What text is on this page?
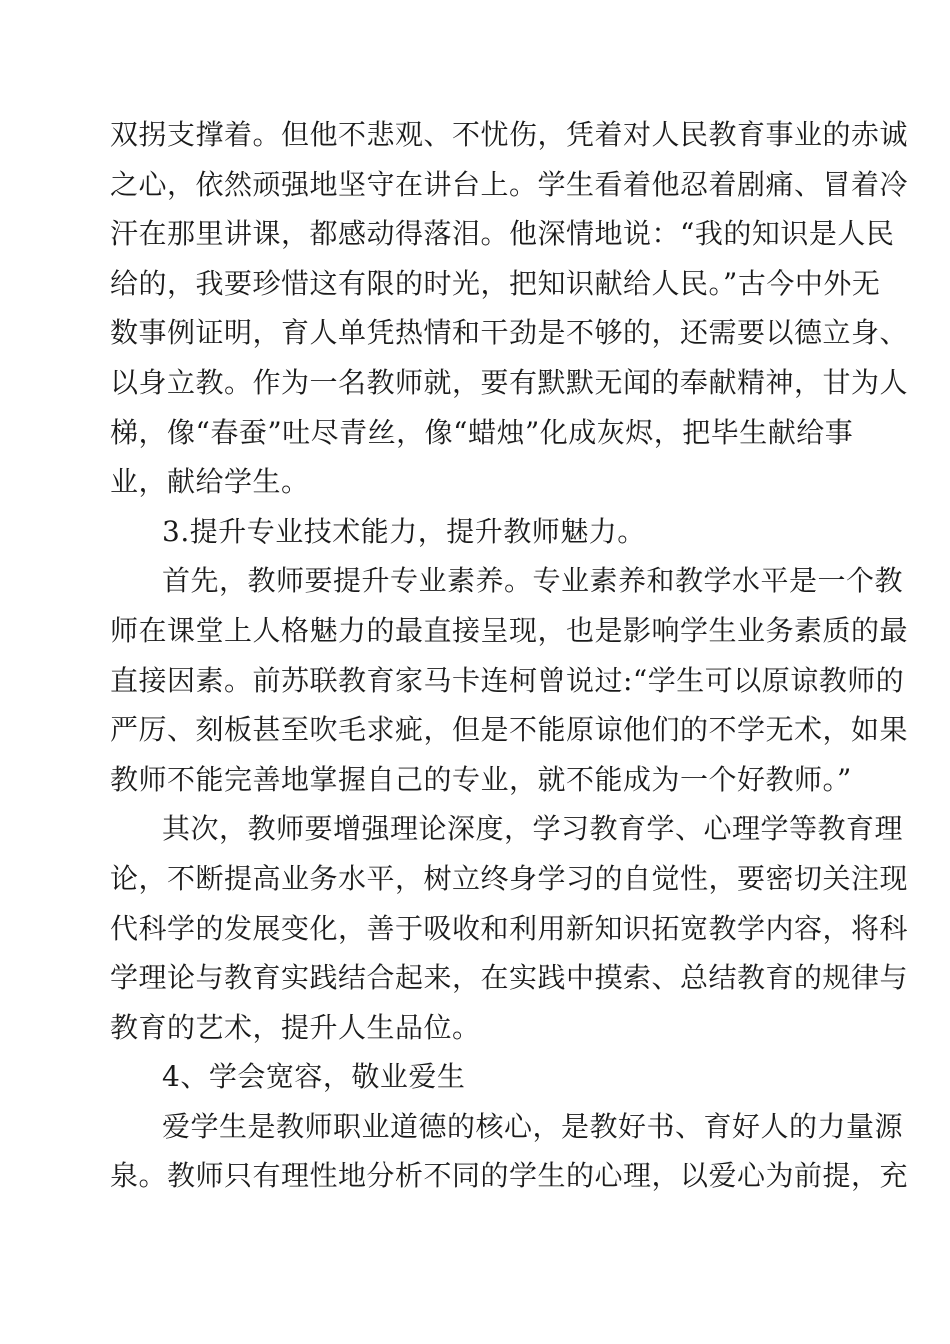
双拐支撑着。但他不悲观、不忧伤，凭着对人民教育事业的赤诚
之心，依然顽强地坚守在讲台上。学生看着他忍着剧痛、冒着冷
汗在那里讲课，都感动得落泪。他深情地说：“我的知识是人民
给的，我要珍惜这有限的时光，把知识献给人民。”古今中外无
数事例证明，育人单凭热情和干劲是不够的，还需要以德立身、
以身立教。作为一名教师就，要有默默无闻的奉献精神，甘为人
梯，像“春蚕”吐尽青丝，像“蜡烛”化成灰烬，把毕生献给事
业，献给学生。
3.提升专业技术能力，提升教师魅力。
首先，教师要提升专业素养。专业素养和教学水平是一个教
师在课堂上人格魅力的最直接呈现，也是影响学生业务素质的最
直接因素。前苏联教育家马卡连柯曾说过:“学生可以原谅教师的
严厉、刻板甚至吹毛求疵，但是不能原谅他们的不学无术，如果
教师不能完善地掌握自己的专业，就不能成为一个好教师。”
其次，教师要增强理论深度，学习教育学、心理学等教育理
论，不断提高业务水平，树立终身学习的自觉性，要密切关注现
代科学的发展变化，善于吸收和利用新知识拓宽教学内容，将科
学理论与教育实践结合起来，在实践中摸索、总结教育的规律与
教育的艺术，提升人生品位。
4、学会宽容，敬业爱生
爱学生是教师职业道德的核心，是教好书、育好人的力量源
泉。教师只有理性地分析不同的学生的心理，以爱心为前提，充
